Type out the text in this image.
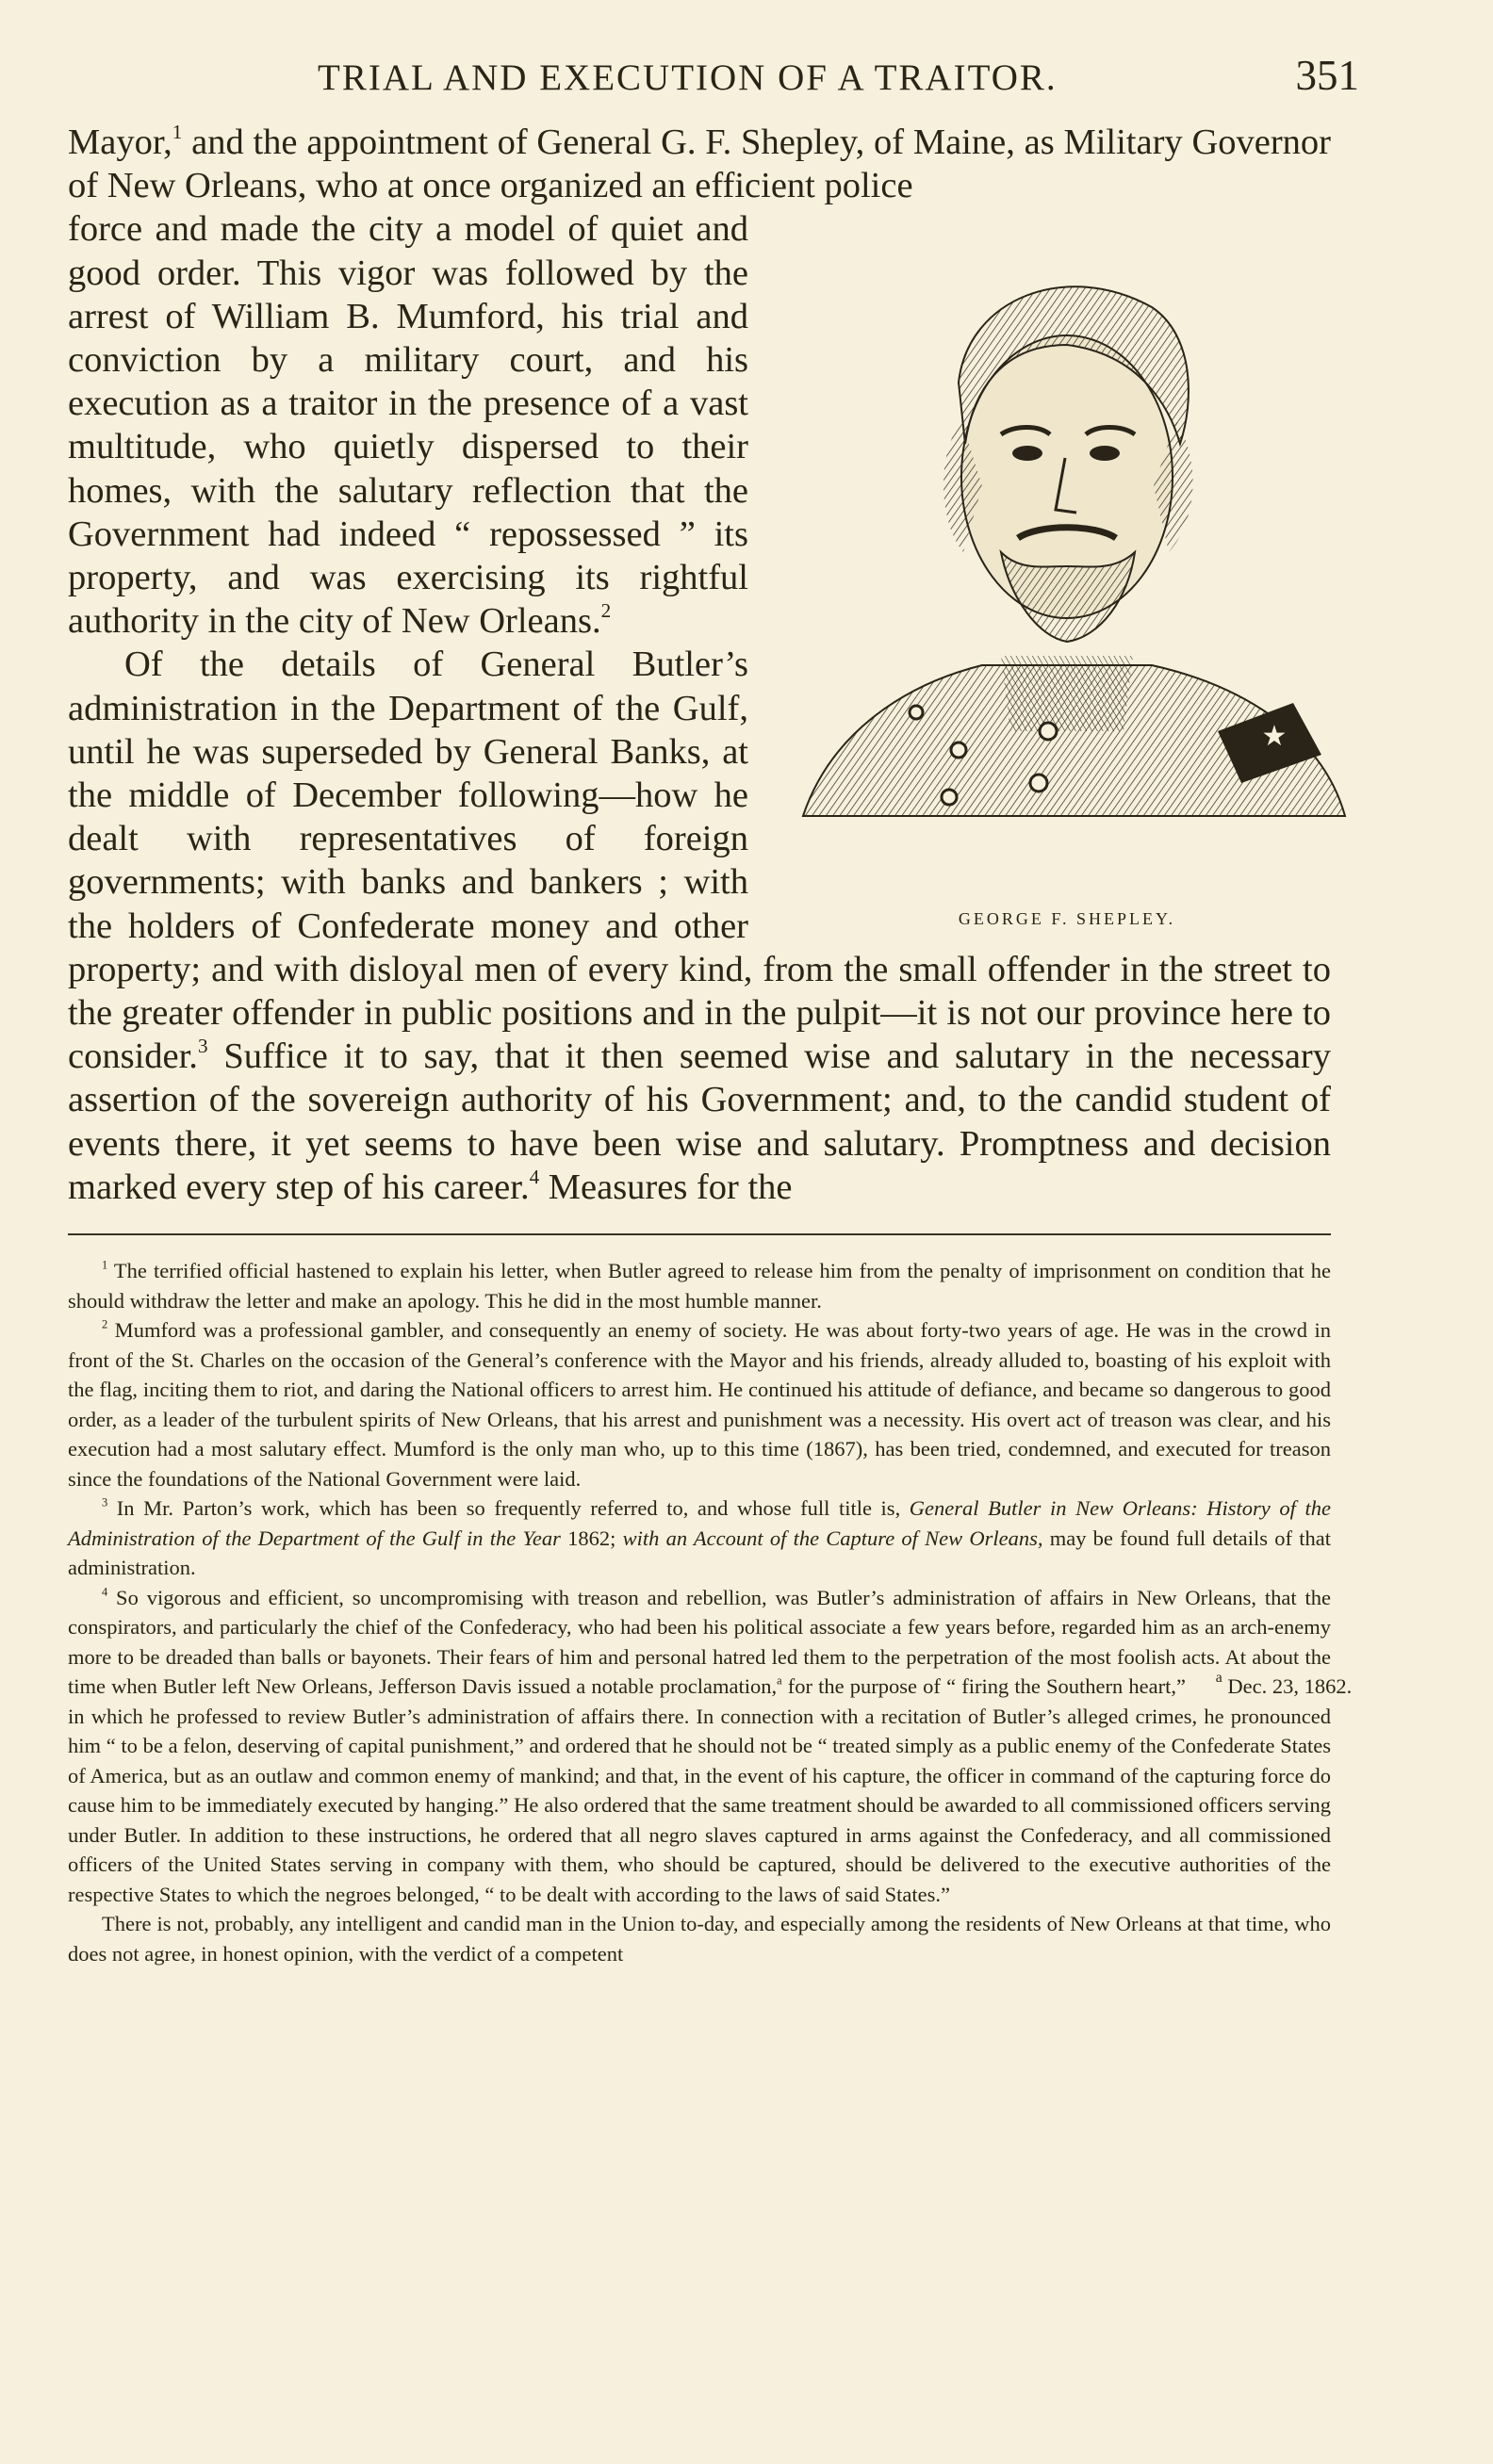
TRIAL AND EXECUTION OF A TRAITOR.	351

Mayor,$^1$ and the appointment of General G. F. Shepley, of Maine, as Military Governor of New Orleans, who at once organized an efficient police

★
GEORGE F. SHEPLEY.
force and made the city a model of quiet and good order. This vigor was followed by the arrest of William B. Mumford, his trial and conviction by a military court, and his execution as a traitor in the presence of a vast multitude, who quietly dispersed to their homes, with the salutary reflection that the Government had indeed “ repossessed ” its property, and was exercising its rightful authority in the city of New Orleans.$^2$

Of the details of General Butler’s administration in the Department of the Gulf, until he was superseded by General Banks, at the middle of December following—how he dealt with representatives of foreign governments; with banks and bankers ; with the holders of Confederate money and other property; and with disloyal men of every kind, from the small offender in the street to the greater offender in public positions and in the pulpit—it is not our province here to consider.$^3$ Suffice it to say, that it then seemed wise and salutary in the necessary assertion of the sovereign authority of his Government; and, to the candid student of events there, it yet seems to have been wise and salutary. Promptness and decision marked every step of his career.$^4$ Measures for the

$^1$ The terrified official hastened to explain his letter, when Butler agreed to release him from the penalty of imprisonment on condition that he should withdraw the letter and make an apology. This he did in the most humble manner.

$^2$ Mumford was a professional gambler, and consequently an enemy of society. He was about forty-two years of age. He was in the crowd in front of the St. Charles on the occasion of the General’s conference with the Mayor and his friends, already alluded to, boasting of his exploit with the flag, inciting them to riot, and daring the National officers to arrest him. He continued his attitude of defiance, and became so dangerous to good order, as a leader of the turbulent spirits of New Orleans, that his arrest and punishment was a necessity. His overt act of treason was clear, and his execution had a most salutary effect. Mumford is the only man who, up to this time (1867), has been tried, condemned, and executed for treason since the foundations of the National Government were laid.

$^3$ In Mr. Parton’s work, which has been so frequently referred to, and whose full title is, General Butler in New Orleans: History of the Administration of the Department of the Gulf in the Year 1862; with an Account of the Capture of New Orleans, may be found full details of that administration.

$^4$ So vigorous and efficient, so uncompromising with treason and rebellion, was Butler’s administration of affairs in New Orleans, that the conspirators, and particularly the chief of the Confederacy, who had been his political associate a few years before, regarded him as an arch-enemy more to be dreaded than balls or bayonets. Their fears of him and personal hatred led them to the perpetration of the most foolish acts.
$^a$ Dec. 23, 1862.
At about the time when Butler left New Orleans, Jefferson Davis issued a notable proclamation,$^a$ for the purpose of “ firing the Southern heart,” in which he professed to review Butler’s administration of affairs there. In connection with a recitation of Butler’s alleged crimes, he pronounced him “ to be a felon, deserving of capital punishment,” and ordered that he should not be “ treated simply as a public enemy of the Confederate States of America, but as an outlaw and common enemy of mankind; and that, in the event of his capture, the officer in command of the capturing force do cause him to be immediately executed by hanging.” He also ordered that the same treatment should be awarded to all commissioned officers serving under Butler. In addition to these instructions, he ordered that all negro slaves captured in arms against the Confederacy, and all commissioned officers of the United States serving in company with them, who should be captured, should be delivered to the executive authorities of the respective States to which the negroes belonged, “ to be dealt with according to the laws of said States.”

There is not, probably, any intelligent and candid man in the Union to-day, and especially among the residents of New Orleans at that time, who does not agree, in honest opinion, with the verdict of a competent
